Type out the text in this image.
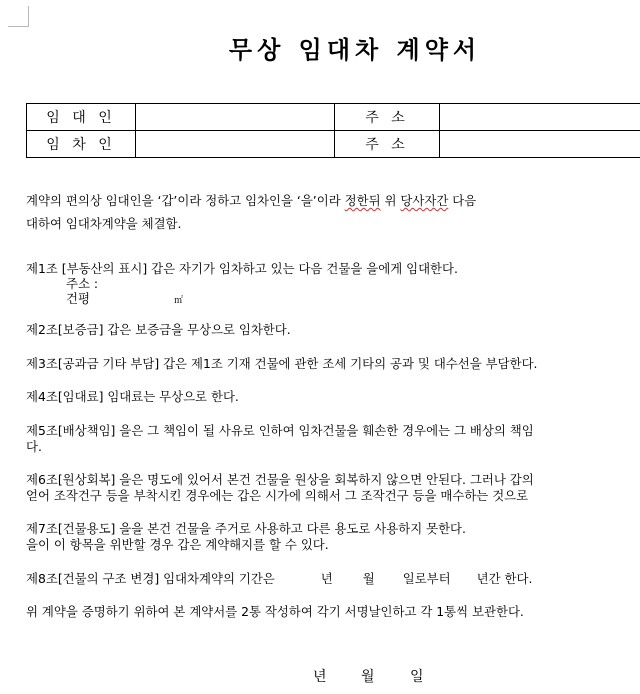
무상 임대차 계약서
임 대 인		주 소	
임 차 인		주 소	
계약의 편의상 임대인을 ‘갑’이라 정하고 임차인을 ‘을’이라 정한뒤 위 당사자간 다음
대하여 임대차계약을 체결함.
제1조 [부동산의 표시] 갑은 자기가 임차하고 있는 다음 건물을 을에게 임대한다.
주소 :
건평	㎡
제2조[보증금] 갑은 보증금을 무상으로 임차한다.
제3조[공과금 기타 부담] 갑은 제1조 기재 건물에 관한 조세 기타의 공과 및 대수선을 부담한다.
제4조[임대료] 임대료는 무상으로 한다.
제5조[배상책임] 을은 그 책임이 될 사유로 인하여 임차건물을 훼손한 경우에는 그 배상의 책임
다.
제6조[원상회복] 을은 명도에 있어서 본건 건물을 원상을 회복하지 않으면 안된다. 그러나 갑의
얻어 조작건구 등을 부착시킨 경우에는 갑은 시가에 의해서 그 조작건구 등을 매수하는 것으로
제7조[건물용도] 을을 본건 건물을 주거로 사용하고 다른 용도로 사용하지 못한다.
을이 이 항목을 위반할 경우 갑은 계약해지를 할 수 있다.
제8조[건물의 구조 변경] 임대차계약의 기간은	년 월 일로부터 년간 한다.
위 계약을 증명하기 위하여 본 계약서를 2통 작성하여 각기 서명날인하고 각 1통씩 보관한다.
년 월	일
